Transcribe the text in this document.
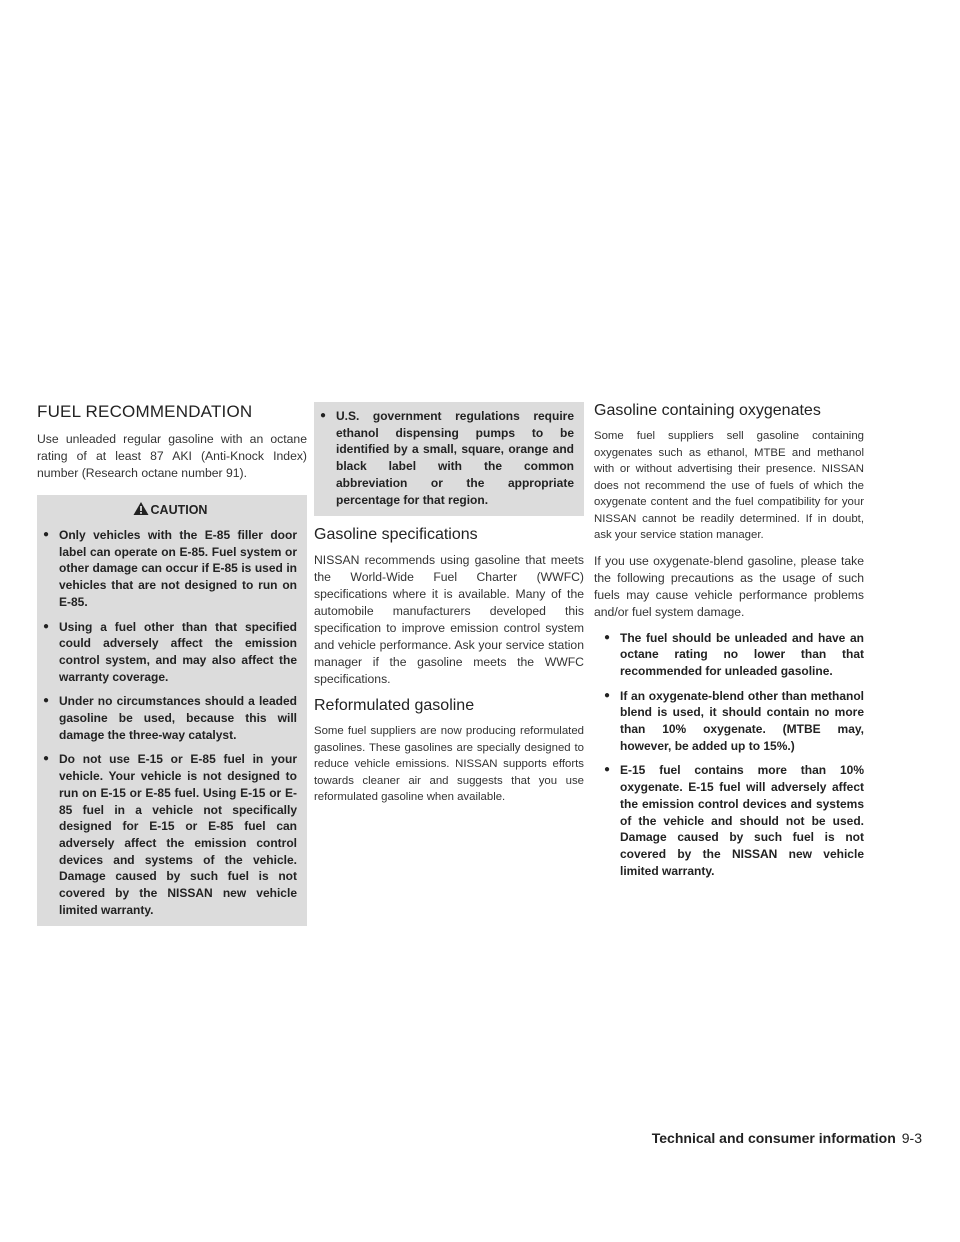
FUEL RECOMMENDATION

Use unleaded regular gasoline with an octane rating of at least 87 AKI (Anti-Knock Index) number (Research octane number 91).

CAUTION
● Only vehicles with the E-85 filler door label can operate on E-85. Fuel system or other damage can occur if E-85 is used in vehicles that are not designed to run on E-85.
● Using a fuel other than that specified could adversely affect the emission control system, and may also affect the warranty coverage.
● Under no circumstances should a leaded gasoline be used, because this will damage the three-way catalyst.
● Do not use E-15 or E-85 fuel in your vehicle. Your vehicle is not designed to run on E-15 or E-85 fuel. Using E-15 or E-85 fuel in a vehicle not specifically designed for E-15 or E-85 fuel can adversely affect the emission control devices and systems of the vehicle. Damage caused by such fuel is not covered by the NISSAN new vehicle limited warranty.
● U.S. government regulations require ethanol dispensing pumps to be identified by a small, square, orange and black label with the common abbreviation or the appropriate percentage for that region.
Gasoline specifications

NISSAN recommends using gasoline that meets the World-Wide Fuel Charter (WWFC) specifications where it is available. Many of the automobile manufacturers developed this specification to improve emission control system and vehicle performance. Ask your service station manager if the gasoline meets the WWFC specifications.

Reformulated gasoline

Some fuel suppliers are now producing reformulated gasolines. These gasolines are specially designed to reduce vehicle emissions. NISSAN supports efforts towards cleaner air and suggests that you use reformulated gasoline when available.

Gasoline containing oxygenates

Some fuel suppliers sell gasoline containing oxygenates such as ethanol, MTBE and methanol with or without advertising their presence. NISSAN does not recommend the use of fuels of which the oxygenate content and the fuel compatibility for your NISSAN cannot be readily determined. If in doubt, ask your service station manager.

If you use oxygenate-blend gasoline, please take the following precautions as the usage of such fuels may cause vehicle performance problems and/or fuel system damage.

● The fuel should be unleaded and have an octane rating no lower than that recommended for unleaded gasoline.
● If an oxygenate-blend other than methanol blend is used, it should contain no more than 10% oxygenate. (MTBE may, however, be added up to 15%.)
● E-15 fuel contains more than 10% oxygenate. E-15 fuel will adversely affect the emission control devices and systems of the vehicle and should not be used. Damage caused by such fuel is not covered by the NISSAN new vehicle limited warranty.
Technical and consumer information 9-3
